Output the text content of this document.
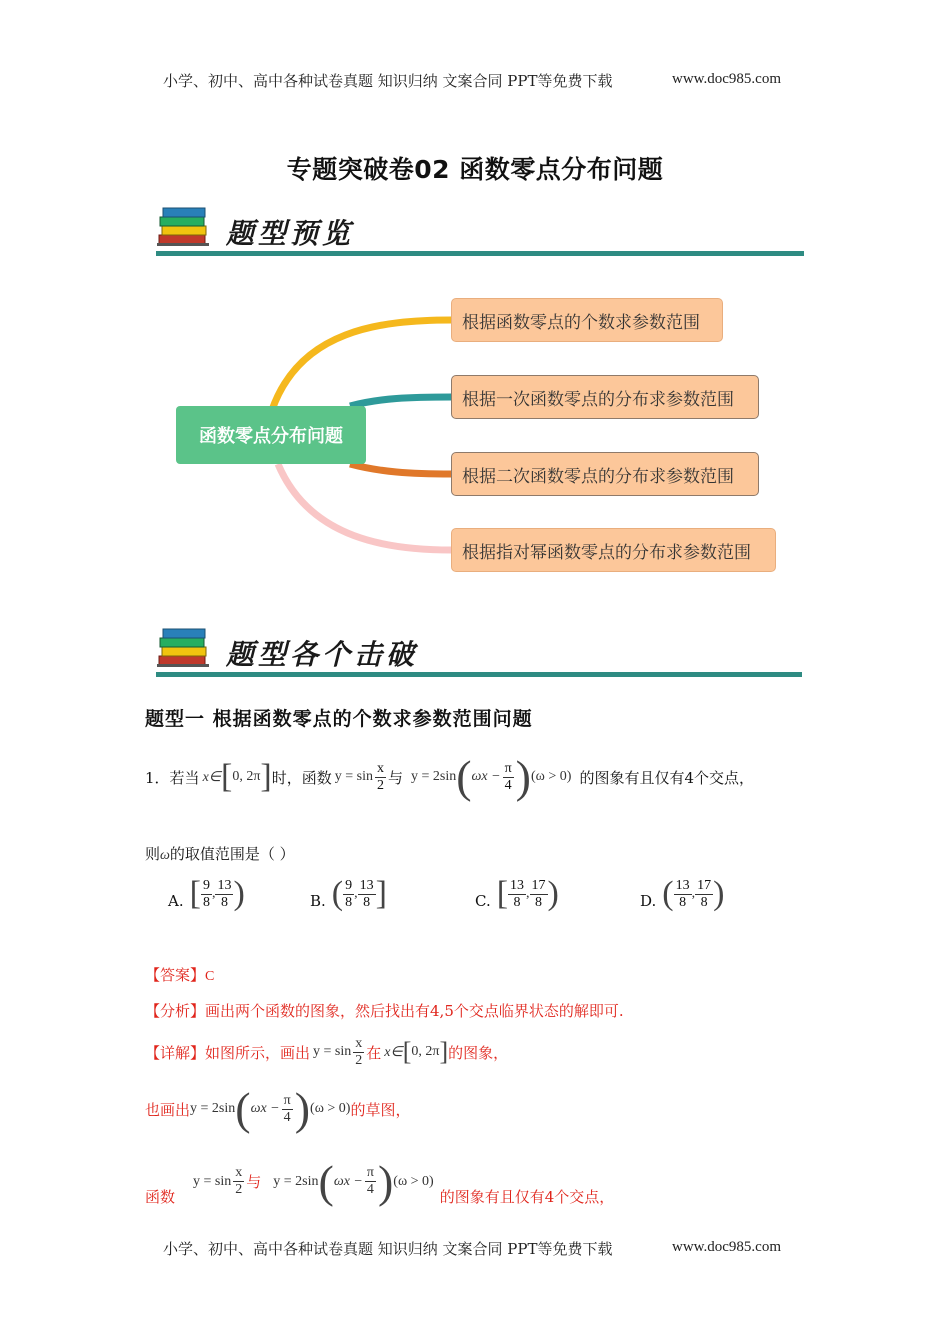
小学、初中、高中各种试卷真题 知识归纳 文案合同 PPT等免费下载	www.doc985.com
专题突破卷02 函数零点分布问题
题型预览
函数零点分布问题
根据函数零点的个数求参数范围
根据一次函数零点的分布求参数范围
根据二次函数零点的分布求参数范围
根据指对幂函数零点的分布求参数范围
题型各个击破
题型一 根据函数零点的个数求参数范围问题
1． 若当 x∈ [ 0, 2π ] 时，函数 $y = \sin \frac{x}{2}$ 与 y = 2sin ( $\omega x - \frac{\pi}{4}$ ) (ω > 0) 的图象有且仅有4个交点，
则ω的取值范围是（ ）
A. [ $\frac{9}{8}$ , $\frac{13}{8}$ )	B. ( $\frac{9}{8}$ , $\frac{13}{8}$ ]	C. [ $\frac{13}{8}$ , $\frac{17}{8}$ )	D. ( $\frac{13}{8}$ , $\frac{17}{8}$ )
【答案】C
【分析】画出两个函数的图象，然后找出有4,5个交点临界状态的解即可.
【详解】 如图所示，画出 $y = \sin \frac{x}{2}$ 在 x∈ [ 0, 2π ] 的图象，
也画出 y = 2sin ( $\omega x - \frac{\pi}{4}$ ) (ω > 0) 的草图，
函数
$y = \sin \frac{x}{2}$ 与 y = 2sin ( $\omega x - \frac{\pi}{4}$ ) (ω > 0)
的图象有且仅有4个交点，
小学、初中、高中各种试卷真题 知识归纳 文案合同 PPT等免费下载	www.doc985.com
